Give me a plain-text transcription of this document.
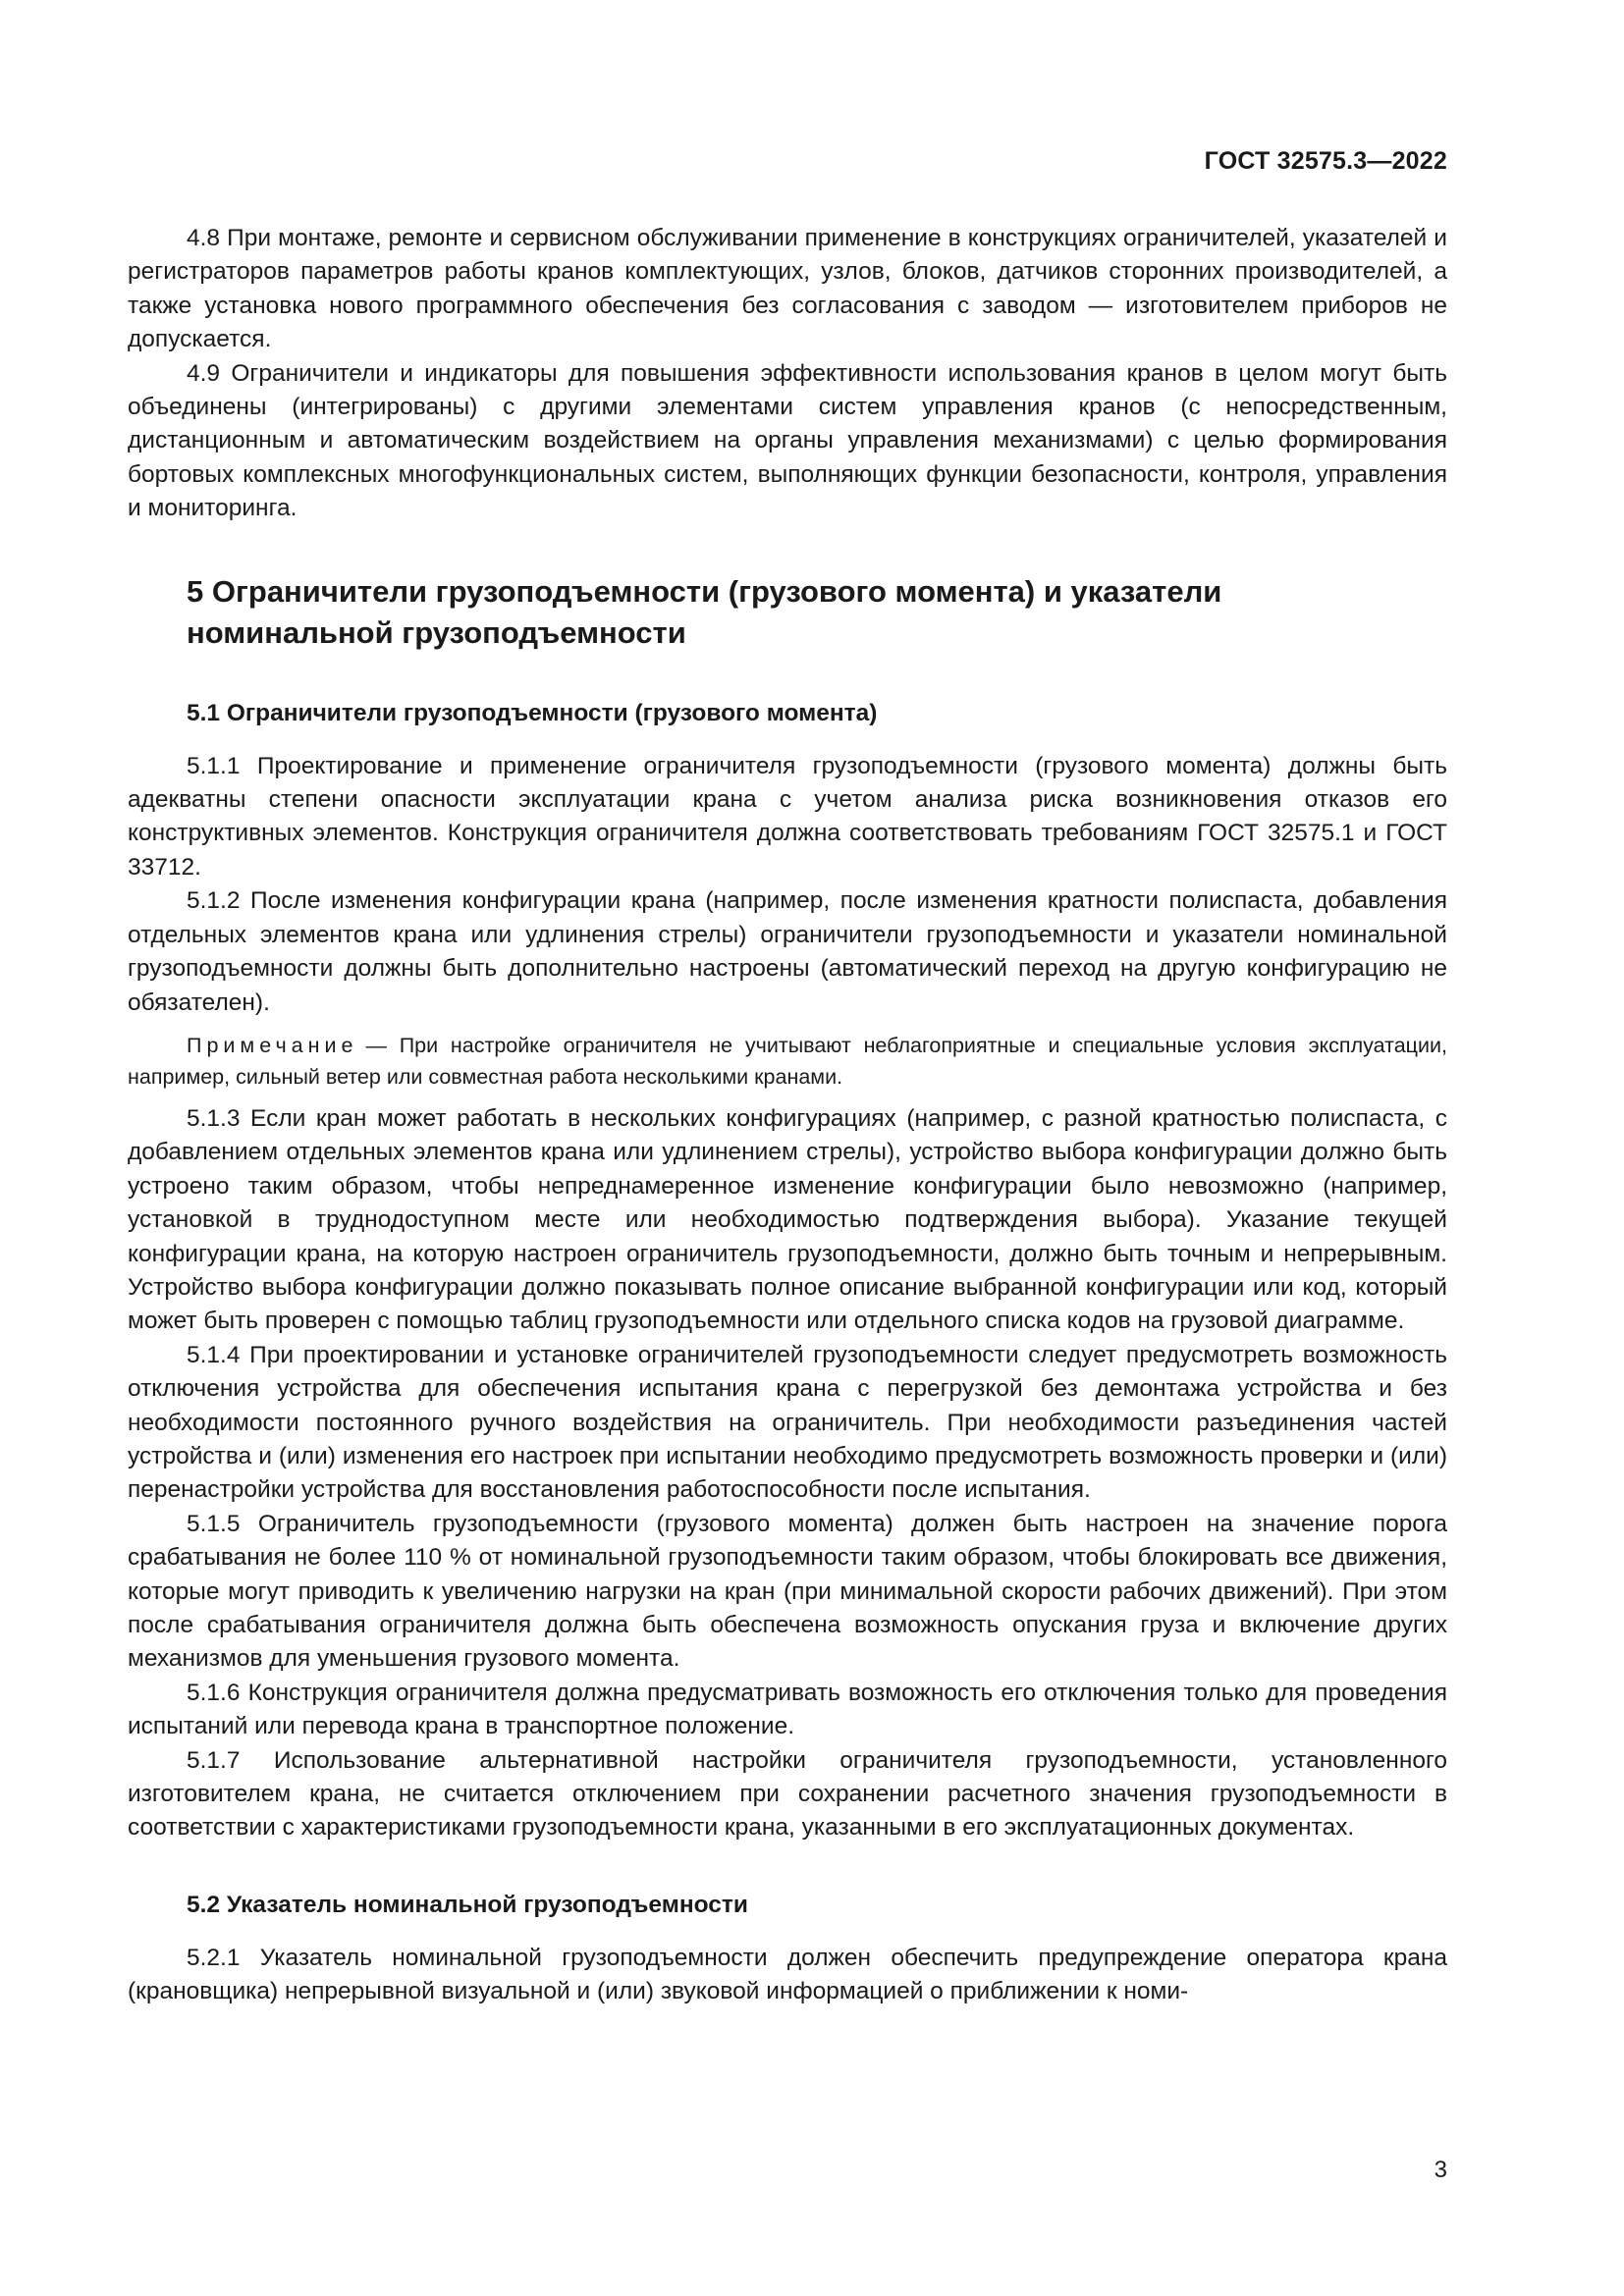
ГОСТ 32575.3—2022

4.8 При монтаже, ремонте и сервисном обслуживании применение в конструкциях ограничителей, указателей и регистраторов параметров работы кранов комплектующих, узлов, блоков, датчиков сторонних производителей, а также установка нового программного обеспечения без согласования с заводом — изготовителем приборов не допускается.

4.9 Ограничители и индикаторы для повышения эффективности использования кранов в целом могут быть объединены (интегрированы) с другими элементами систем управления кранов (с непосредственным, дистанционным и автоматическим воздействием на органы управления механизмами) с целью формирования бортовых комплексных многофункциональных систем, выполняющих функции безопасности, контроля, управления и мониторинга.

5 Ограничители грузоподъемности (грузового момента) и указатели
номинальной грузоподъемности
5.1 Ограничители грузоподъемности (грузового момента)

5.1.1 Проектирование и применение ограничителя грузоподъемности (грузового момента) должны быть адекватны степени опасности эксплуатации крана с учетом анализа риска возникновения отказов его конструктивных элементов. Конструкция ограничителя должна соответствовать требованиям ГОСТ 32575.1 и ГОСТ 33712.

5.1.2 После изменения конфигурации крана (например, после изменения кратности полиспаста, добавления отдельных элементов крана или удлинения стрелы) ограничители грузоподъемности и указатели номинальной грузоподъемности должны быть дополнительно настроены (автоматический переход на другую конфигурацию не обязателен).

Примечание — При настройке ограничителя не учитывают неблагоприятные и специальные условия эксплуатации, например, сильный ветер или совместная работа несколькими кранами.

5.1.3 Если кран может работать в нескольких конфигурациях (например, с разной кратностью полиспаста, с добавлением отдельных элементов крана или удлинением стрелы), устройство выбора конфигурации должно быть устроено таким образом, чтобы непреднамеренное изменение конфигурации было невозможно (например, установкой в труднодоступном месте или необходимостью подтверждения выбора). Указание текущей конфигурации крана, на которую настроен ограничитель грузоподъемности, должно быть точным и непрерывным. Устройство выбора конфигурации должно показывать полное описание выбранной конфигурации или код, который может быть проверен с помощью таблиц грузоподъемности или отдельного списка кодов на грузовой диаграмме.

5.1.4 При проектировании и установке ограничителей грузоподъемности следует предусмотреть возможность отключения устройства для обеспечения испытания крана с перегрузкой без демонтажа устройства и без необходимости постоянного ручного воздействия на ограничитель. При необходимости разъединения частей устройства и (или) изменения его настроек при испытании необходимо предусмотреть возможность проверки и (или) перенастройки устройства для восстановления работоспособности после испытания.

5.1.5 Ограничитель грузоподъемности (грузового момента) должен быть настроен на значение порога срабатывания не более 110 % от номинальной грузоподъемности таким образом, чтобы блокировать все движения, которые могут приводить к увеличению нагрузки на кран (при минимальной скорости рабочих движений). При этом после срабатывания ограничителя должна быть обеспечена возможность опускания груза и включение других механизмов для уменьшения грузового момента.

5.1.6 Конструкция ограничителя должна предусматривать возможность его отключения только для проведения испытаний или перевода крана в транспортное положение.

5.1.7 Использование альтернативной настройки ограничителя грузоподъемности, установленного изготовителем крана, не считается отключением при сохранении расчетного значения грузоподъемности в соответствии с характеристиками грузоподъемности крана, указанными в его эксплуатационных документах.

5.2 Указатель номинальной грузоподъемности

5.2.1 Указатель номинальной грузоподъемности должен обеспечить предупреждение оператора крана (крановщика) непрерывной визуальной и (или) звуковой информацией о приближении к номи-

3
